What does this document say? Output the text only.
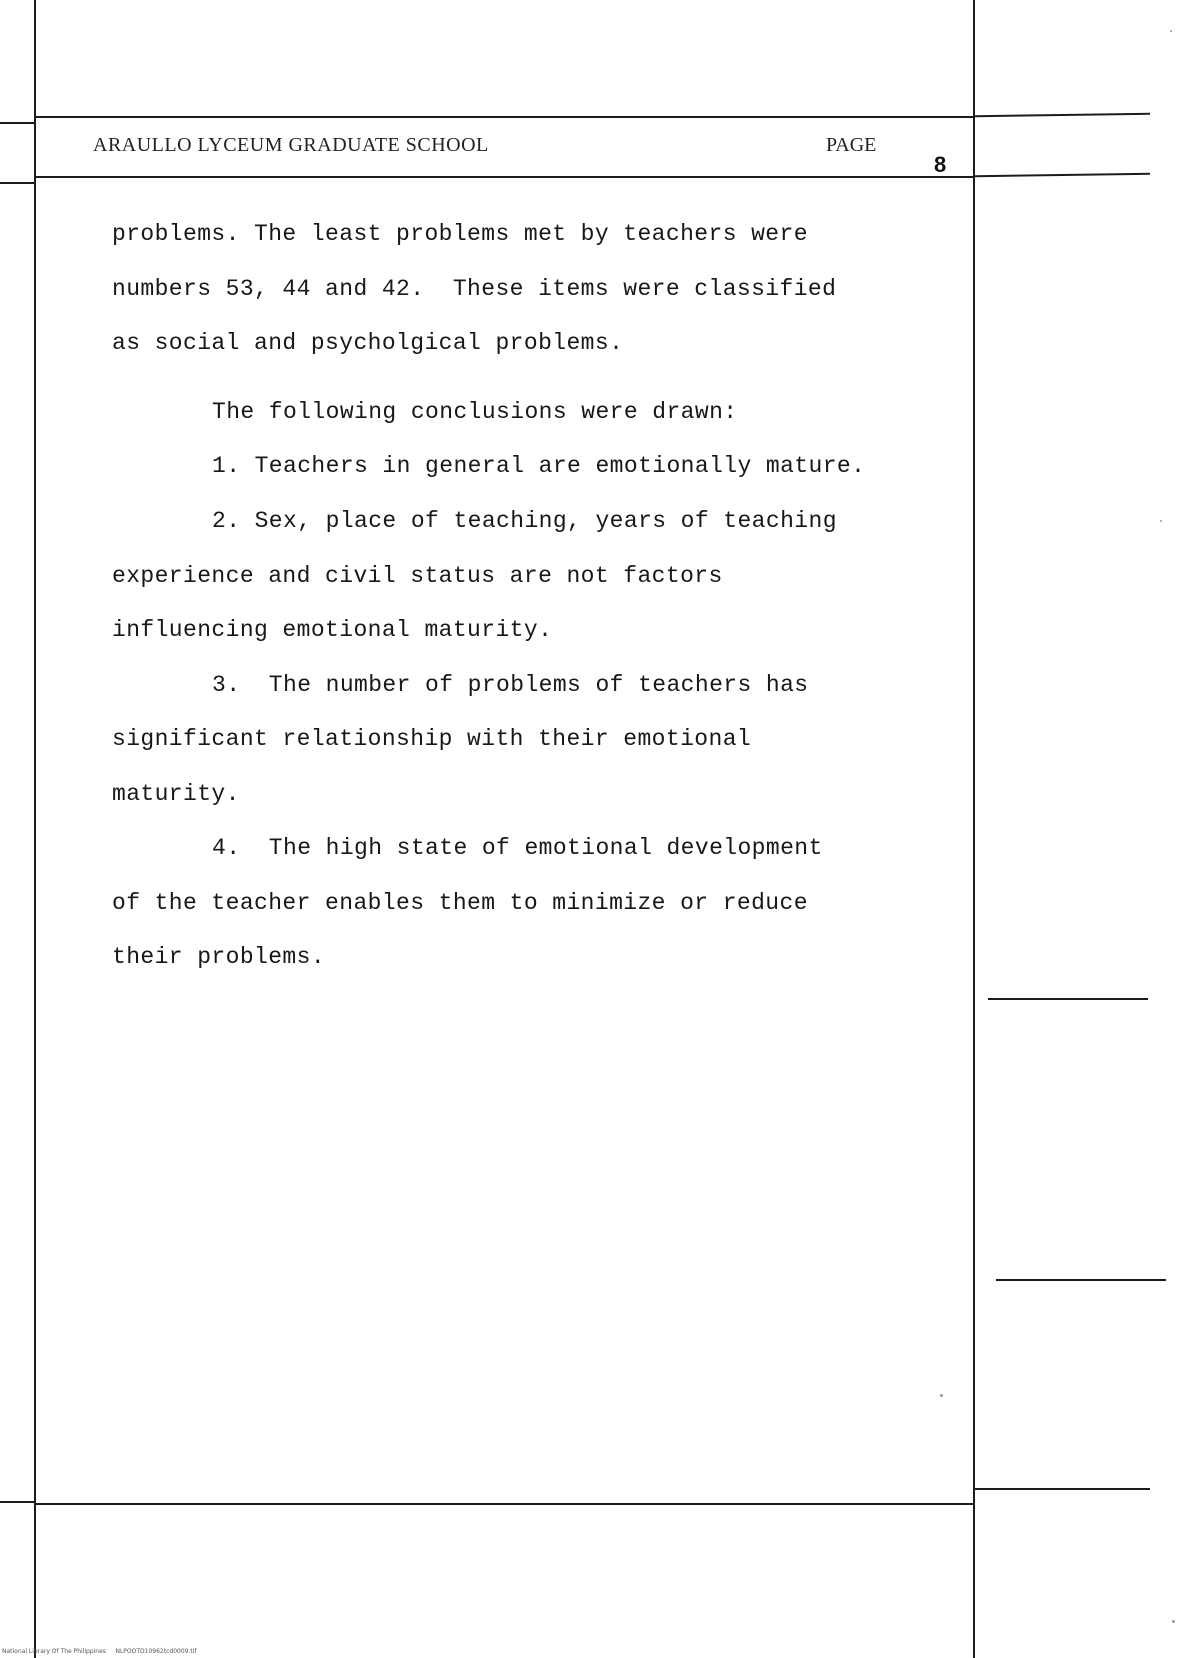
ARAULLO LYCEUM GRADUATE SCHOOL	PAGE
8
problems. The least problems met by teachers were
numbers 53, 44 and 42.  These items were classified
as social and psycholgical problems.
The following conclusions were drawn:
1. Teachers in general are emotionally mature.
2. Sex, place of teaching, years of teaching
experience and civil status are not factors
influencing emotional maturity.
3.  The number of problems of teachers has
significant relationship with their emotional
maturity.
4.  The high state of emotional development
of the teacher enables them to minimize or reduce
their problems.
National Library Of The Philippines     NLPOOTD10962tcd0009.tif
